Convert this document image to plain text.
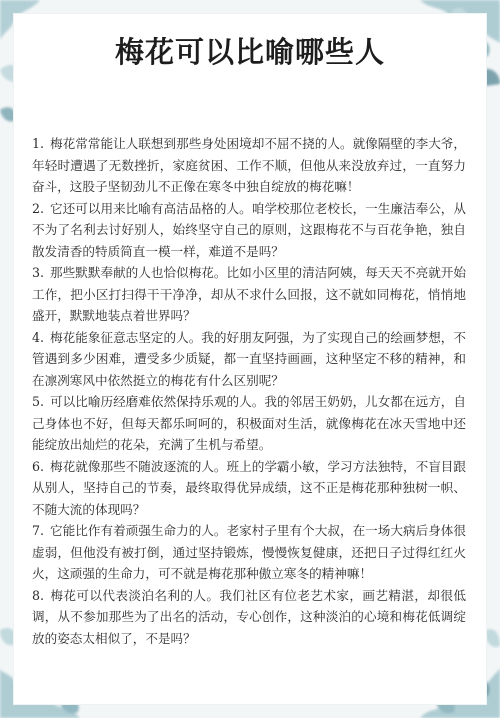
梅花可以比喻哪些人

1. 梅花常常能让人联想到那些身处困境却不屈不挠的人。就像隔壁的李大爷，年轻时遭遇了无数挫折，家庭贫困、工作不顺，但他从来没放弃过，一直努力奋斗，这股子坚韧劲儿不正像在寒冬中独自绽放的梅花嘛！

2. 它还可以用来比喻有高洁品格的人。咱学校那位老校长，一生廉洁奉公，从不为了名利去讨好别人，始终坚守自己的原则，这跟梅花不与百花争艳，独自散发清香的特质简直一模一样，难道不是吗？

3. 那些默默奉献的人也恰似梅花。比如小区里的清洁阿姨，每天天不亮就开始工作，把小区打扫得干干净净，却从不求什么回报，这不就如同梅花，悄悄地盛开，默默地装点着世界吗？

4. 梅花能象征意志坚定的人。我的好朋友阿强，为了实现自己的绘画梦想，不管遇到多少困难，遭受多少质疑，都一直坚持画画，这种坚定不移的精神，和在凛冽寒风中依然挺立的梅花有什么区别呢？

5. 可以比喻历经磨难依然保持乐观的人。我的邻居王奶奶，儿女都在远方，自己身体也不好，但每天都乐呵呵的，积极面对生活，就像梅花在冰天雪地中还能绽放出灿烂的花朵，充满了生机与希望。

6. 梅花就像那些不随波逐流的人。班上的学霸小敏，学习方法独特，不盲目跟从别人，坚持自己的节奏，最终取得优异成绩，这不正是梅花那种独树一帜、不随大流的体现吗？

7. 它能比作有着顽强生命力的人。老家村子里有个大叔，在一场大病后身体很虚弱，但他没有被打倒，通过坚持锻炼，慢慢恢复健康，还把日子过得红红火火，这顽强的生命力，可不就是梅花那种傲立寒冬的精神嘛！

8. 梅花可以代表淡泊名利的人。我们社区有位老艺术家，画艺精湛，却很低调，从不参加那些为了出名的活动，专心创作，这种淡泊的心境和梅花低调绽放的姿态太相似了，不是吗？
